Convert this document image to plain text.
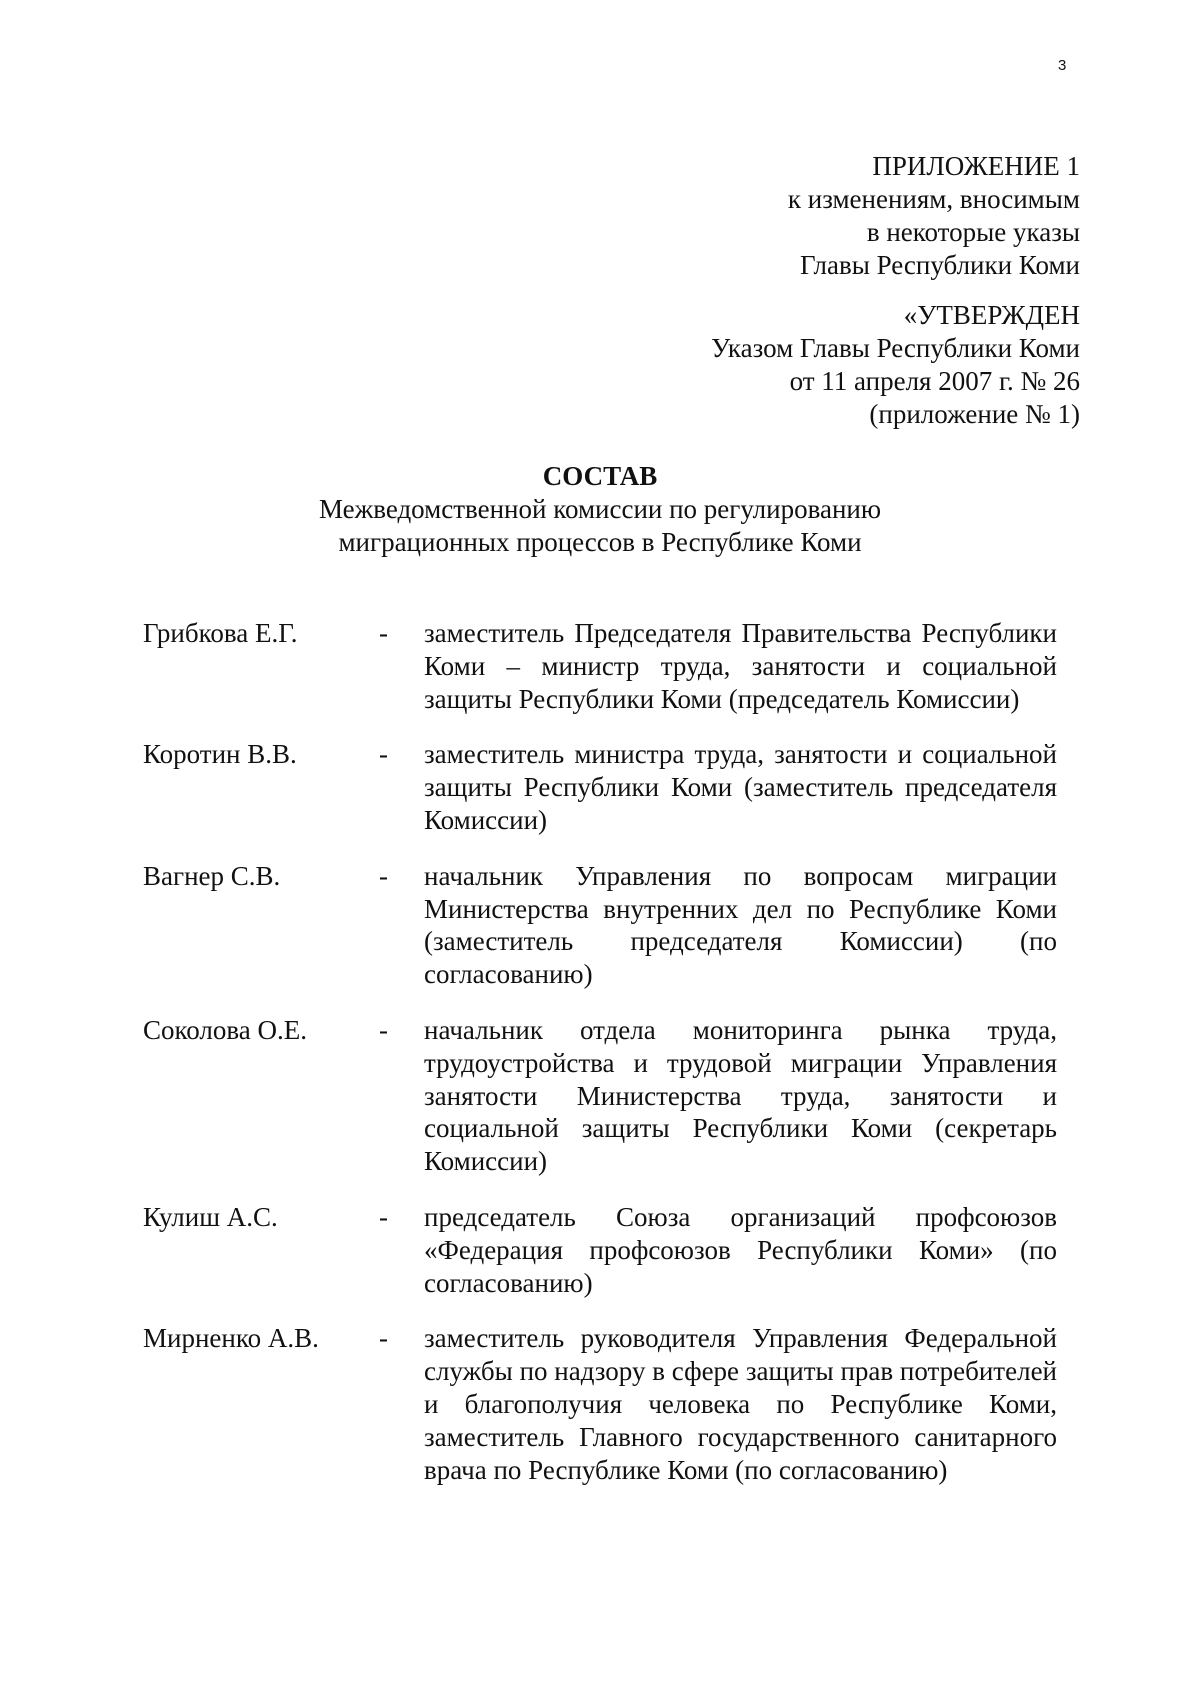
3
ПРИЛОЖЕНИЕ 1
к изменениям, вносимым
в некоторые указы
Главы Республики Коми
«УТВЕРЖДЕН
Указом Главы Республики Коми
от 11 апреля 2007 г. № 26
(приложение № 1)
СОСТАВ
Межведомственной комиссии по регулированию
миграционных процессов в Республике Коми
Грибкова Е.Г.	-	заместитель Председателя Правительства Республики Коми – министр труда, занятости и социальной защиты Республики Коми (председатель Комиссии)
Коротин В.В.	-	заместитель министра труда, занятости и социальной защиты Республики Коми (заместитель председателя Комиссии)
Вагнер С.В.	-	начальник Управления по вопросам миграции Министерства внутренних дел по Республике Коми (заместитель председателя Комиссии) (по согласованию)
Соколова О.Е.	-	начальник отдела мониторинга рынка труда, трудоустройства и трудовой миграции Управления занятости Министерства труда, занятости и социальной защиты Республики Коми (секретарь Комиссии)
Кулиш А.С.	-	председатель Союза организаций профсоюзов «Федерация профсоюзов Республики Коми» (по согласованию)
Мирненко А.В.	-	заместитель руководителя Управления Федеральной службы по надзору в сфере защиты прав потребителей и благополучия человека по Республике Коми, заместитель Главного государственного санитарного врача по Республике Коми (по согласованию)
